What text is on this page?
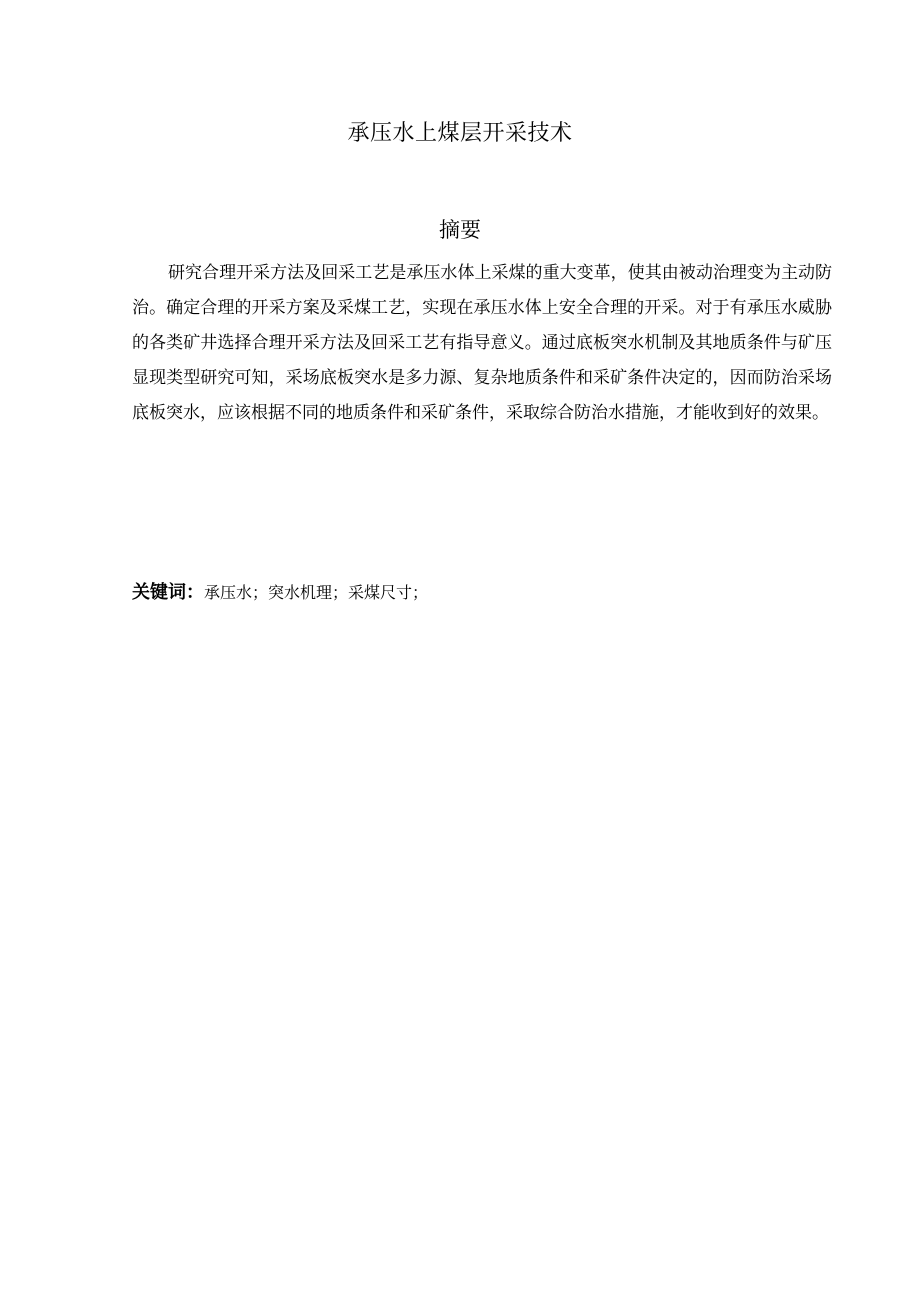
承压水上煤层开采技术
摘要

研究合理开采方法及回采工艺是承压水体上采煤的重大变革，使其由被动治理变为主动防治。确定合理的开采方案及采煤工艺，实现在承压水体上安全合理的开采。对于有承压水威胁的各类矿井选择合理开采方法及回采工艺有指导意义。通过底板突水机制及其地质条件与矿压显现类型研究可知，采场底板突水是多力源、复杂地质条件和采矿条件决定的，因而防治采场底板突水，应该根据不同的地质条件和采矿条件，采取综合防治水措施，才能收到好的效果。

关键词：承压水；突水机理；采煤尺寸；
